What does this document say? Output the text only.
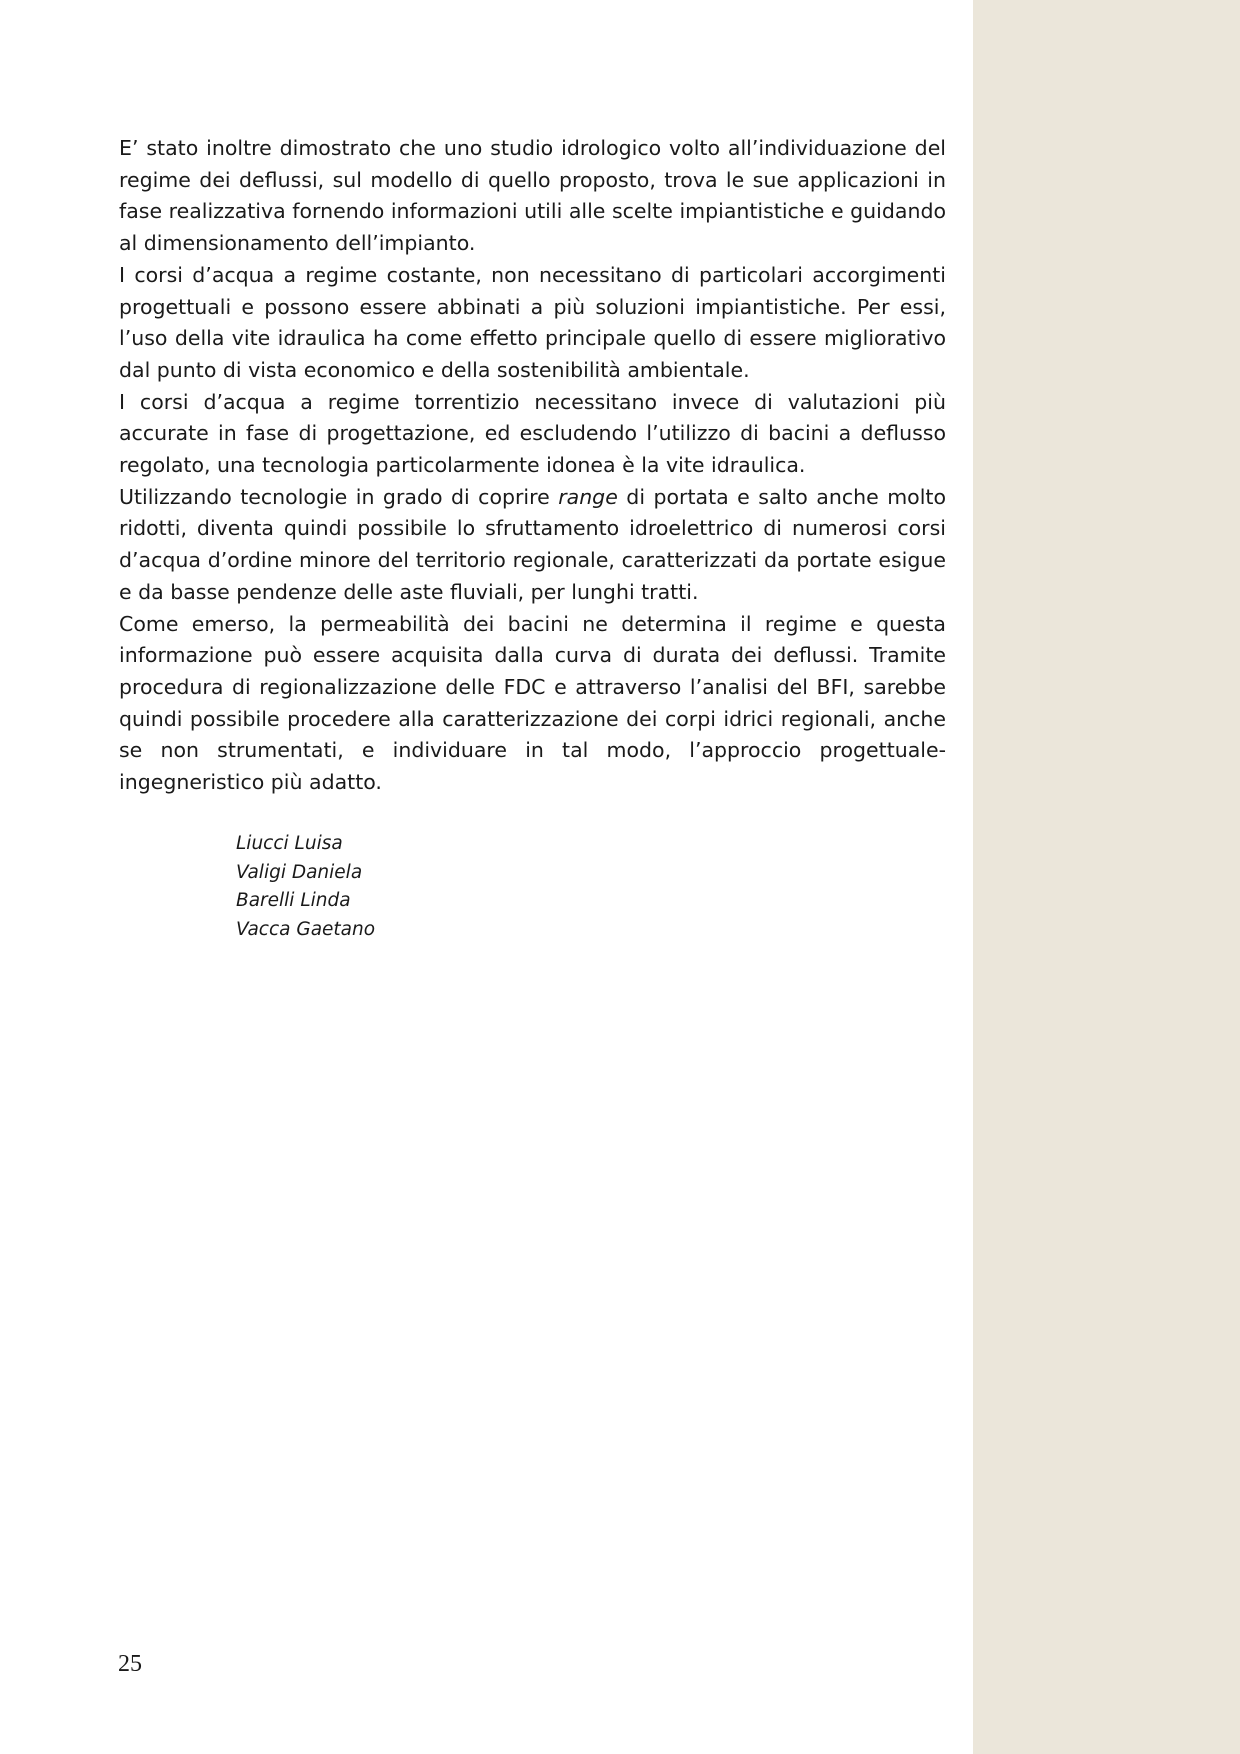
E’ stato inoltre dimostrato che uno studio idrologico volto all’individuazione del regime dei deflussi, sul modello di quello proposto, trova le sue applicazioni in fase realizzativa fornendo informazioni utili alle scelte impiantistiche e guidando al dimensionamento dell’impianto.

I corsi d’acqua a regime costante, non necessitano di particolari accorgimenti progettuali e possono essere abbinati a più soluzioni impiantistiche. Per essi, l’uso della vite idraulica ha come effetto principale quello di essere migliorativo dal punto di vista economico e della sostenibilità ambientale.

I corsi d’acqua a regime torrentizio necessitano invece di valutazioni più accurate in fase di progettazione, ed escludendo l’utilizzo di bacini a deflusso regolato, una tecnologia particolarmente idonea è la vite idraulica.

Utilizzando tecnologie in grado di coprire range di portata e salto anche molto ridotti, diventa quindi possibile lo sfruttamento idroelettrico di numerosi corsi d’acqua d’ordine minore del territorio regionale, caratterizzati da portate esigue e da basse pendenze delle aste fluviali, per lunghi tratti.

Come emerso, la permeabilità dei bacini ne determina il regime e questa informazione può essere acquisita dalla curva di durata dei deflussi. Tramite procedura di regionalizzazione delle FDC e attraverso l’analisi del BFI, sarebbe quindi possibile procedere alla caratterizzazione dei corpi idrici regionali, anche se non strumentati, e individuare in tal modo, l’approccio progettuale-

ingegneristico più adatto.

Liucci Luisa
Valigi Daniela
Barelli Linda
Vacca Gaetano
25
